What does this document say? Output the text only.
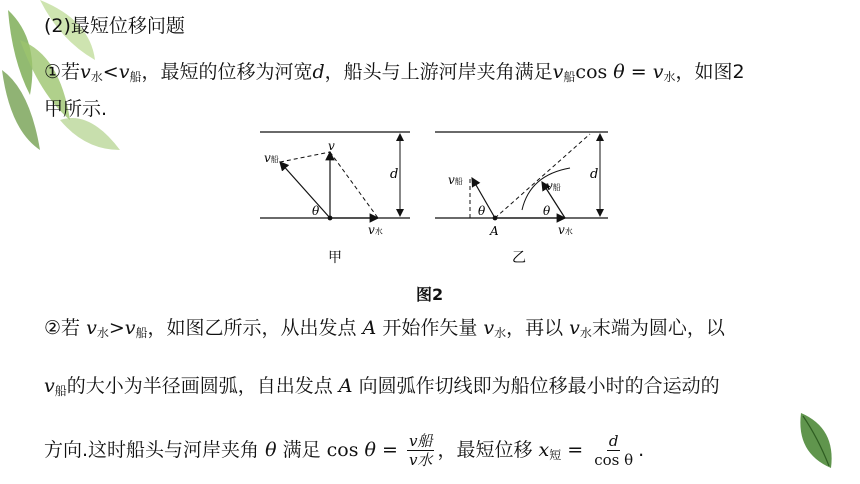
(2)最短位移问题
①若$v_水<v_船$，最短的位移为河宽d，船头与上游河岸夹角满足$v_船\cos$ $\theta = v_水$，如图2
甲所示.
v船
v
d
θ
v水
甲
v船	v船
d
θ	θ
A	v水
乙
图2
②若 $v_水>v_船$，如图乙所示，从出发点 A 开始作矢量 $v_水$，再以 $v_水$末端为圆心，以
$v_船$的大小为半径画圆弧，自出发点 A 向圆弧作切线即为船位移最小时的合运动的
方向.这时船头与河岸夹角 θ 满足 $\cos \theta = \frac{\text{v船}}{\text{v水}}$ ，最短位移 $x_短 = \frac{d}{\text{cos θ}}$ .
